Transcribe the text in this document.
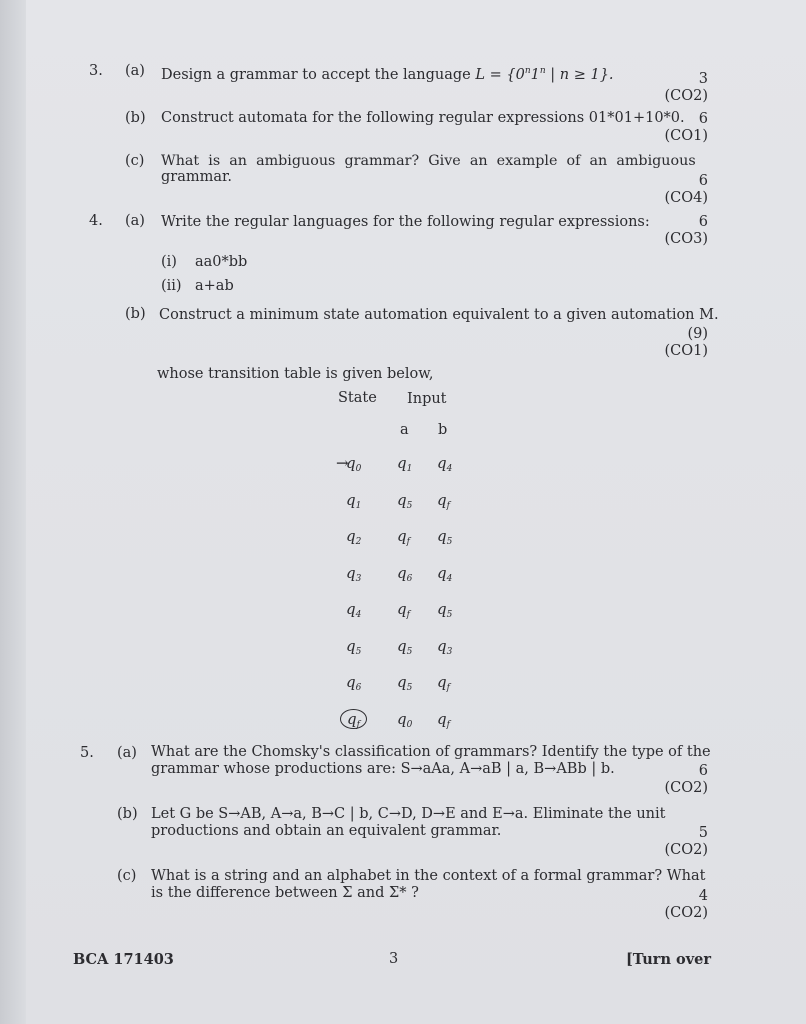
3. (a) Design a grammar to accept the language $L = \{0^n1^n$ | n ≥ 1}.	3
(CO2)
(b) Construct automata for the following regular expressions 01*01+10*0. 6
(CO1)
(c) What  is  an  ambiguous  grammar?  Give  an  example  of  an  ambiguous
grammar.	6
(CO4)
4. (a) Write the regular languages for the following regular expressions:	6
(CO3)
(i) aa0*bb
(ii) a+ab
(b) Construct a minimum state automation equivalent to a given automation M.
(9)
(CO1)
whose transition table is given below,
State Input
a b
→
$q_0$ $q_1$ $q_4$
$q_1$ $q_5$ $q_f$
$q_2$ $q_f$ $q_5$
$q_3$ $q_6$ $q_4$
$q_4$ $q_f$ $q_5$
$q_5$ $q_5$ $q_3$
$q_6$ $q_5$ $q_f$
$q_f$	$q_0$ $q_f$
5. (a) What are the Chomsky's classification of grammars? Identify the type of the
grammar whose productions are: S→aAa, A→aB | a, B→ABb | b.	6
(CO2)
(b) Let G be S→AB, A→a, B→C | b, C→D, D→E and E→a. Eliminate the unit
productions and obtain an equivalent grammar.	5
(CO2)
(c) What is a string and an alphabet in the context of a formal grammar? What
is the difference between Σ and Σ* ?	4
(CO2)
BCA 171403	3	[Turn over
